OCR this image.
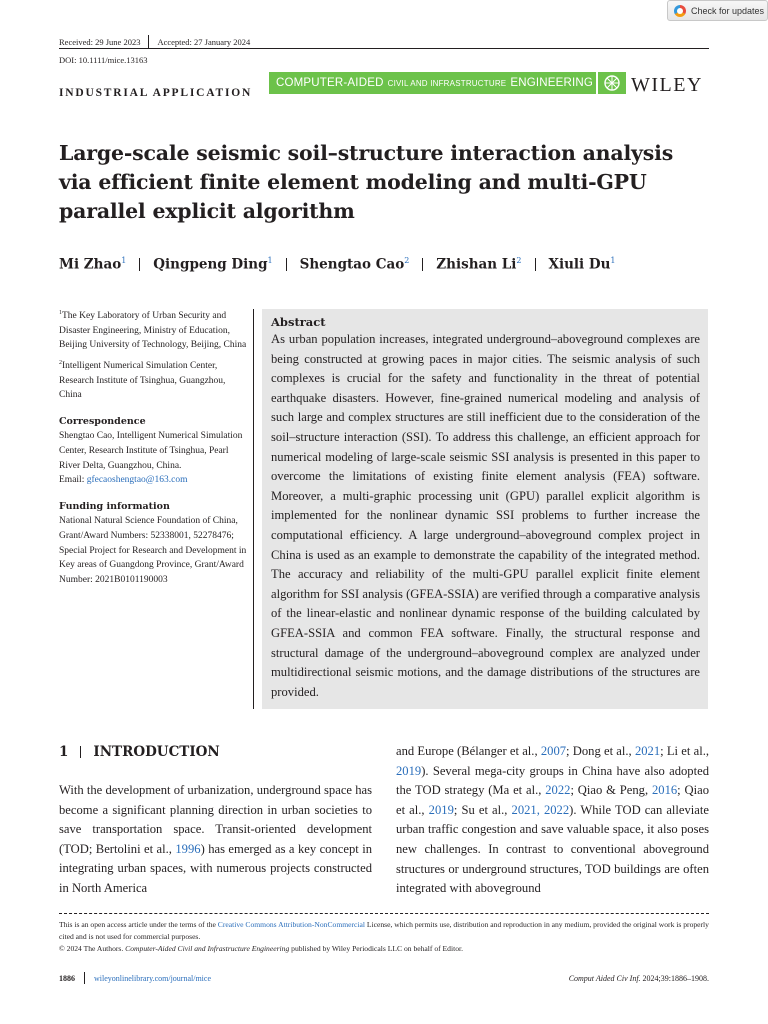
Check for updates
Received: 29 June 2023 Accepted: 27 January 2024
DOI: 10.1111/mice.13163
INDUSTRIAL APPLICATION
COMPUTER-AIDED CIVIL AND INFRASTRUCTURE ENGINEERING WILEY
Large-scale seismic soil–structure interaction analysis via efficient finite element modeling and multi-GPU parallel explicit algorithm
Mi Zhao$^1$ Qingpeng Ding$^1$ Shengtao Cao$^2$ Zhishan Li$^2$ Xiuli Du$^1$
$^1$The Key Laboratory of Urban Security and Disaster Engineering, Ministry of Education, Beijing University of Technology, Beijing, China
$^2$Intelligent Numerical Simulation Center, Research Institute of Tsinghua, Guangzhou, China
Correspondence
Shengtao Cao, Intelligent Numerical Simulation Center, Research Institute of Tsinghua, Pearl River Delta, Guangzhou, China.
Email: gfecaoshengtao@163.com
Funding information
National Natural Science Foundation of China, Grant/Award Numbers: 52338001, 52278476; Special Project for Research and Development in Key areas of Guangdong Province, Grant/Award Number: 2021B0101190003
Abstract

As urban population increases, integrated underground–aboveground complexes are being constructed at growing paces in major cities. The seismic analysis of such complexes is crucial for the safety and functionality in the threat of potential earthquake disasters. However, fine-grained numerical modeling and analysis of such large and complex structures are still inefficient due to the consideration of the soil–structure interaction (SSI). To address this challenge, an efficient approach for numerical modeling of large-scale seismic SSI analysis is presented in this paper to overcome the limitations of existing finite element analysis (FEA) software. Moreover, a multi-graphic processing unit (GPU) parallel explicit algorithm is implemented for the nonlinear dynamic SSI problems to further increase the computational efficiency. A large underground–aboveground complex project in China is used as an example to demonstrate the capability of the integrated method. The accuracy and reliability of the multi-GPU parallel explicit finite element algorithm for SSI analysis (GFEA-SSIA) are verified through a comparative analysis of the linear-elastic and nonlinear dynamic response of the building calculated by GFEA-SSIA and common FEA software. Finally, the structural response and structural damage of the underground–aboveground complex are analyzed under multidirectional seismic motions, and the damage distributions of the structures are provided.

1 INTRODUCTION
With the development of urbanization, underground space has become a significant planning direction in urban societies to save transportation space. Transit-oriented development (TOD; Bertolini et al., 1996) has emerged as a key concept in integrating urban spaces, with numerous projects constructed in North America
and Europe (Bélanger et al., 2007; Dong et al., 2021; Li et al., 2019). Several mega-city groups in China have also adopted the TOD strategy (Ma et al., 2022; Qiao & Peng, 2016; Qiao et al., 2019; Su et al., 2021, 2022). While TOD can alleviate urban traffic congestion and save valuable space, it also poses new challenges. In contrast to conventional aboveground structures or underground structures, TOD buildings are often integrated with aboveground
This is an open access article under the terms of the Creative Commons Attribution-NonCommercial License, which permits use, distribution and reproduction in any medium, provided the original work is properly cited and is not used for commercial purposes.
© 2024 The Authors. Computer-Aided Civil and Infrastructure Engineering published by Wiley Periodicals LLC on behalf of Editor.
1886 wileyonlinelibrary.com/journal/mice	Comput Aided Civ Inf. 2024;39:1886–1908.
